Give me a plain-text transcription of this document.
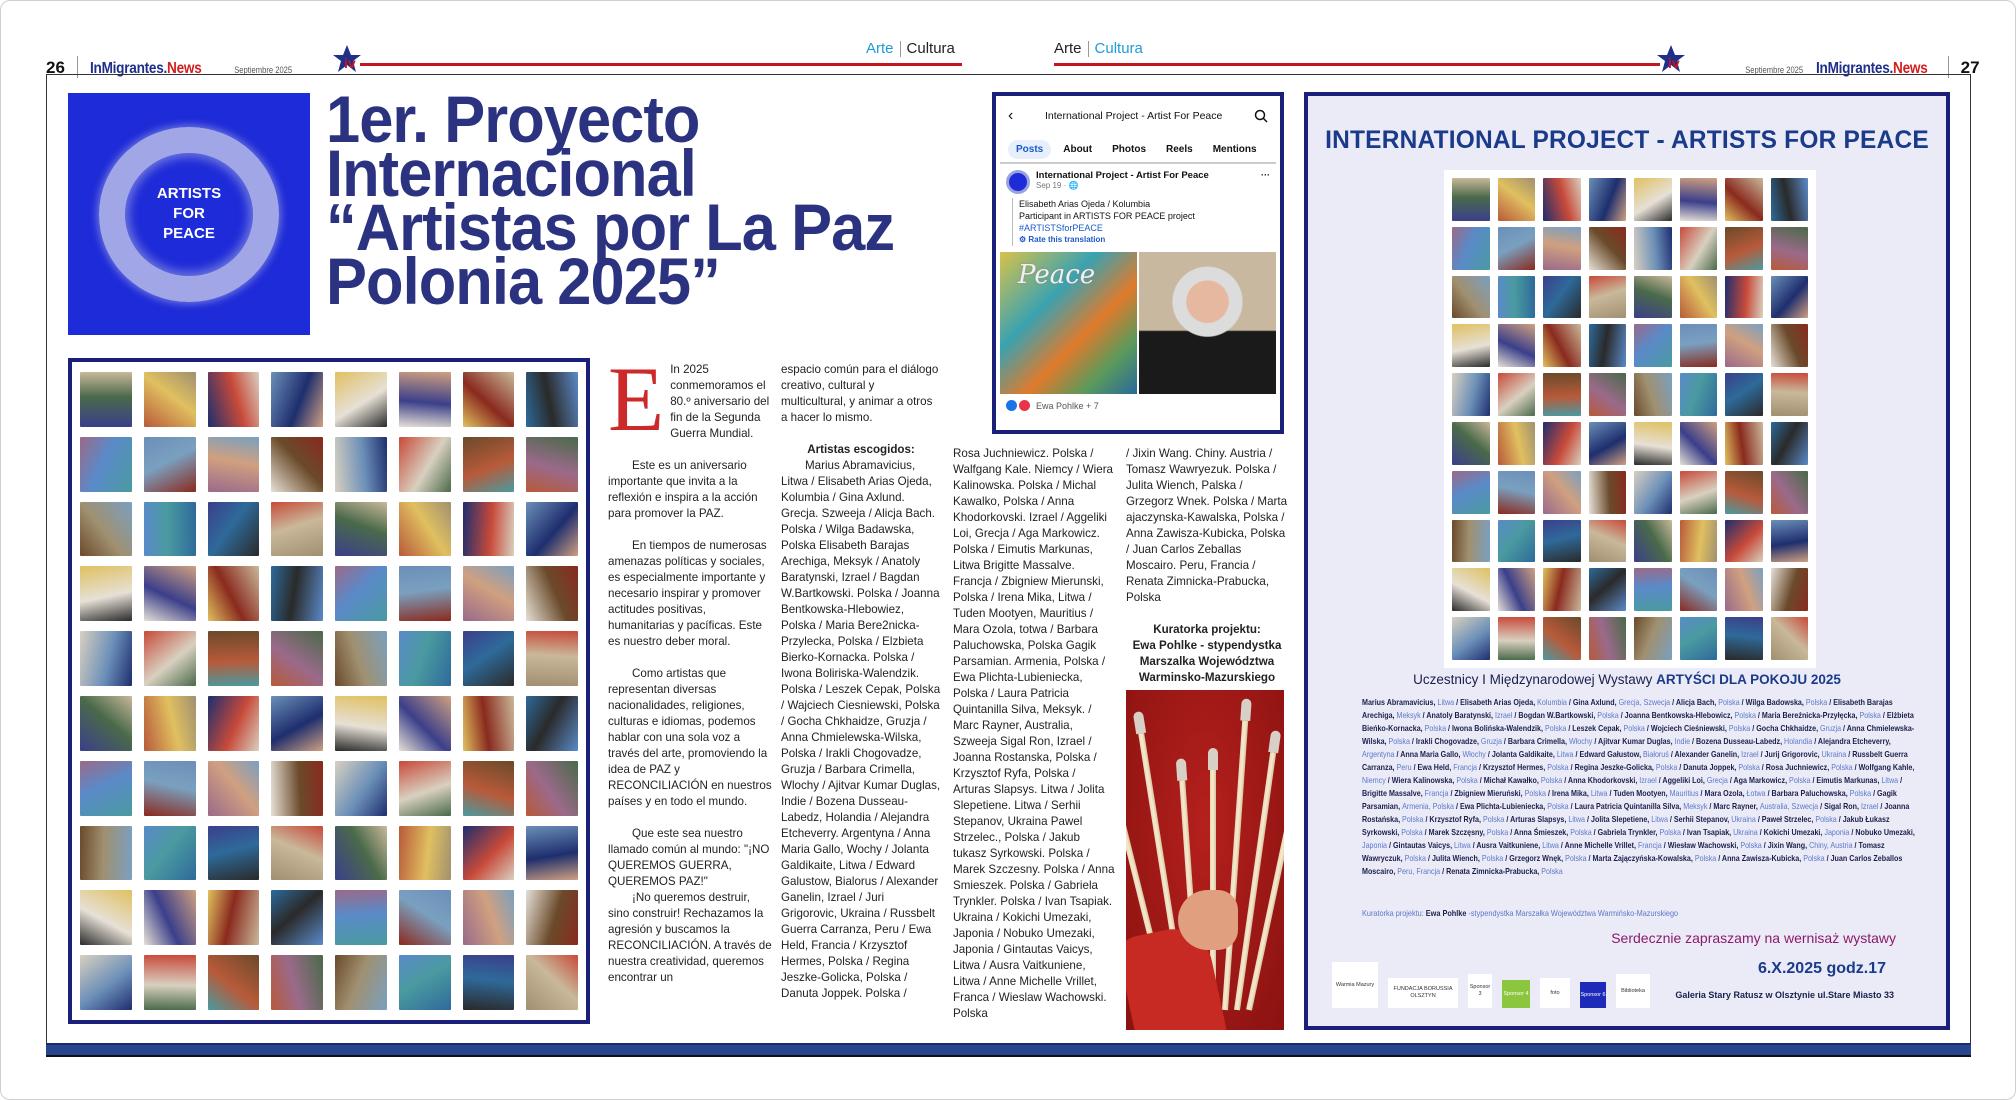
26 InMigrantes.News	Septiembre 2025	iv
Arte Cultura	Arte Cultura
iv	Septiembre 2025 InMigrantes.News 27
ARTISTS
FOR
PEACE
1er. Proyecto
Internacional
“Artistas por La Paz
Polonia 2025”

E In 2025 conmemoramos el 80.º aniversario del fin de la Segunda Guerra Mundial.

Este es un aniversario importante que invita a la reflexión e inspira a la acción para promover la PAZ.

En tiempos de numerosas amenazas políticas y sociales, es especialmente importante y necesario inspirar y promover actitudes positivas, humanitarias y pacíficas. Este es nuestro deber moral.

Como artistas que representan diversas nacionalidades, religiones, culturas e idiomas, podemos hablar con una sola voz a través del arte, promoviendo la idea de PAZ y RECONCILIACIÓN en nuestros países y en todo el mundo.

Que este sea nuestro llamado común al mundo: "¡NO QUEREMOS GUERRA, QUEREMOS PAZ!"

¡No queremos destruir, sino construir! Rechazamos la agresión y buscamos la RECONCILIACIÓN. A través de nuestra creatividad, queremos encontrar un

espacio común para el diálogo creativo, cultural y multicultural, y animar a otros a hacer lo mismo.

Artistas escogidos:

Marius Abramavicius, Litwa / Elisabeth Arias Ojeda, Kolumbia / Gina Axlund. Grecja. Szweeja / Alicja Bach. Polska / Wilga Badawska, Polska Elisabeth Barajas Arechiga, Meksyk / Anatoly Baratynski, Izrael / Bagdan W.Bartkowski. Polska / Joanna Bentkowska-Hlebowiez, Polska / Maria Bere2nicka-Przylecka, Polska / Elzbieta Bierko-Kornacka. Polska / Iwona Boliriska-Walendzik. Polska / Leszek Cepak, Polska / Wajciech Ciesniewski, Polska / Gocha Chkhaidze, Gruzja / Anna Chmielewska-Wilska, Polska / Irakli Chogovadze, Gruzja / Barbara Crimella, Wlochy / Ajitvar Kumar Duglas, Indie / Bozena Dusseau-Labedz, Holandia / Alejandra Etcheverry. Argentyna / Anna Maria Gallo, Wochy / Jolanta Galdikaite, Litwa / Edward Galustow, Bialorus / Alexander Ganelin, Izrael / Juri Grigorovic, Ukraina / Russbelt Guerra Carranza, Peru / Ewa Held, Francia / Krzysztof Hermes, Polska / Regina Jeszke-Golicka, Polska / Danuta Joppek. Polska /

Rosa Juchniewicz. Polska / Walfgang Kale. Niemcy / Wiera Kalinowska. Polska / Michal Kawalko, Polska / Anna Khodorkovski. Izrael / Aggeliki Loi, Grecja / Aga Markowicz. Polska / Eimutis Markunas, Litwa Brigitte Massalve. Francja / Zbigniew Mierunski, Polska / Irena Mika, Litwa / Tuden Mootyen, Mauritius / Mara Ozola, totwa / Barbara Paluchowska, Polska Gagik Parsamian. Armenia, Polska / Ewa Plichta-Lubieniecka, Polska / Laura Patricia Quintanilla Silva, Meksyk. / Marc Rayner, Australia, Szweeja Sigal Ron, Izrael / Joanna Rostanska, Polska / Krzysztof Ryfa, Polska / Arturas Slapsys. Litwa / Jolita Slepetiene. Litwa / Serhii Stepanov, Ukraina Pawel Strzelec., Polska / Jakub tukasz Syrkowski. Polska / Marek Szczesny. Polska / Anna Smieszek. Polska / Gabriela Trynkler. Polska / Ivan Tsapiak. Ukraina / Kokichi Umezaki, Japonia / Nobuko Umezaki, Japonia / Gintautas Vaicys, Litwa / Ausra Vaitkuniene, Litwa / Anne Michelle Vrillet, Franca / Wieslaw Wachowski. Polska

/ Jixin Wang. Chiny. Austria / Tomasz Wawryezuk. Polska / Julita Wiench, Palska / Grzegorz Wnek. Polska / Marta ajaczynska-Kawalska, Polska / Anna Zawisza-Kubicka, Polska / Juan Carlos Zeballas Moscairo. Peru, Francia / Renata Zimnicka-Prabucka, Polska

Kuratorka projektu:

Ewa Pohlke - stypendystka Marszalka Województwa Warminsko-Mazurskiego

‹	International Project - Artist For Peace
Posts	About	Photos	Reels	Mentions
International Project - Artist For Peace
Sep 19 · 🌐
···
Elisabeth Arias Ojeda / Kolumbia
Participant in ARTISTS FOR PEACE project
#ARTISTSforPEACE
⚙ Rate this translation
Peace
Ewa Pohlke + 7
INTERNATIONAL PROJECT - ARTISTS FOR PEACE
Uczestnicy I Międzynarodowej Wystawy ARTYŚCI DLA POKOJU 2025
Marius Abramavicius, Litwa / Elisabeth Arias Ojeda, Kolumbia / Gina Axlund, Grecja, Szwecja / Alicja Bach, Polska / Wilga Badowska, Polska / Elisabeth Barajas Arechiga, Meksyk / Anatoly Baratynski, Izrael / Bogdan W.Bartkowski, Polska / Joanna Bentkowska-Hlebowicz, Polska / Maria Bereźnicka-Przyłęcka, Polska / Elżbieta Bieńko-Kornacka, Polska / Iwona Bolińska-Walendzik, Polska / Leszek Cepak, Polska / Wojciech Cieśniewski, Polska / Gocha Chkhaidze, Gruzja / Anna Chmielewska-Wilska, Polska / Irakli Chogovadze, Gruzja / Barbara Crimella, Włochy / Ajitvar Kumar Duglas, Indie / Bozena Dusseau-Labedz, Holandia / Alejandra Etcheverry, Argentyna / Anna Maria Gallo, Włochy / Jolanta Galdikaite, Litwa / Edward Gałustow, Białoruś / Alexander Ganelin, Izrael / Jurij Grigorovic, Ukraina / Russbelt Guerra Carranza, Peru / Ewa Held, Francja / Krzysztof Hermes, Polska / Regina Jeszke-Golicka, Polska / Danuta Joppek, Polska / Rosa Juchniewicz, Polska / Wolfgang Kahle, Niemcy / Wiera Kalinowska, Polska / Michał Kawałko, Polska / Anna Khodorkovski, Izrael / Aggeliki Loi, Grecja / Aga Markowicz, Polska / Eimutis Markunas, Litwa / Brigitte Massalve, Francja / Zbigniew Mieruński, Polska / Irena Mika, Litwa / Tuden Mootyen, Mauritius / Mara Ozola, Łotwa / Barbara Paluchowska, Polska / Gagik Parsamian, Armenia, Polska / Ewa Plichta-Lubieniecka, Polska / Laura Patricia Quintanilla Silva, Meksyk / Marc Rayner, Australia, Szwecja / Sigal Ron, Izrael / Joanna Rostańska, Polska / Krzysztof Ryfa, Polska / Arturas Slapsys, Litwa / Jolita Slepetiene, Litwa / Serhii Stepanov, Ukraina / Paweł Strzelec, Polska / Jakub Łukasz Syrkowski, Polska / Marek Szczęsny, Polska / Anna Śmieszek, Polska / Gabriela Trynkler, Polska / Ivan Tsapiak, Ukraina / Kokichi Umezaki, Japonia / Nobuko Umezaki, Japonia / Gintautas Vaicys, Litwa / Ausra Vaitkuniene, Litwa / Anne Michelle Vrillet, Francja / Wiesław Wachowski, Polska / Jixin Wang, Chiny, Austria / Tomasz Wawryczuk, Polska / Julita Wiench, Polska / Grzegorz Wnęk, Polska / Marta Zajączyńska-Kowalska, Polska / Anna Zawisza-Kubicka, Polska / Juan Carlos Zeballos Moscairo, Peru, Francja / Renata Zimnicka-Prabucka, Polska
Kuratorka projektu: Ewa Pohlke -stypendystka Marszałka Województwa Warmińsko-Mazurskiego
Serdecznie zapraszamy na wernisaż wystawy
6.X.2025 godz.17
Galeria Stary Ratusz w Olsztynie ul.Stare Miasto 33
Warmia Mazury
FUNDACJA BORUSSIA OLSZTYN
Sponsor 3	Sponsor 4	foto	Sponsor 6
Biblioteka
